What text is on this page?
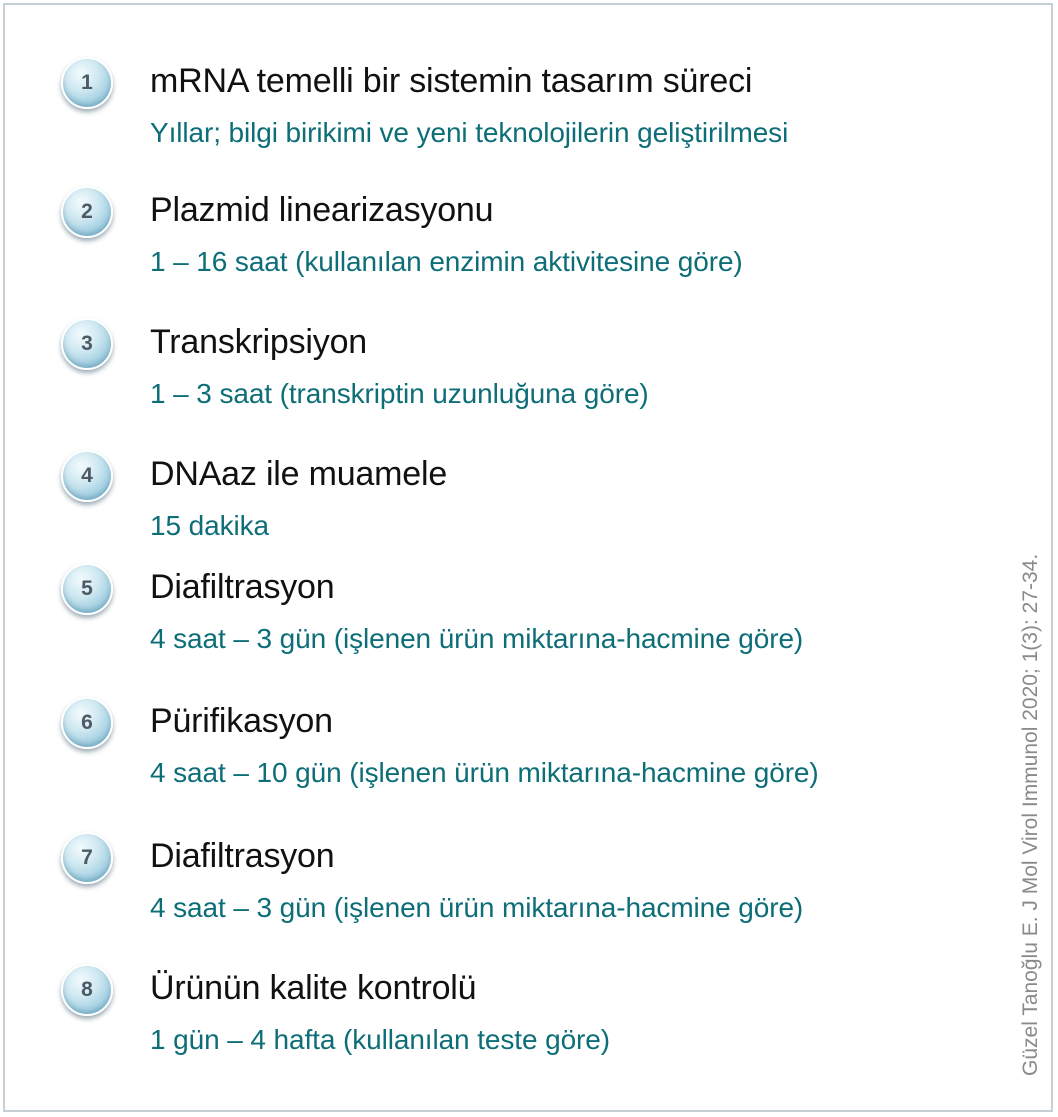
1	mRNA temelli bir sistemin tasarım süreci
Yıllar; bilgi birikimi ve yeni teknolojilerin geliştirilmesi
2	Plazmid linearizasyonu
1 – 16 saat (kullanılan enzimin aktivitesine göre)
3	Transkripsiyon
1 – 3 saat (transkriptin uzunluğuna göre)
4	DNAaz ile muamele
15 dakika
5	Diafiltrasyon
4 saat – 3 gün (işlenen ürün miktarına-hacmine göre)
6	Pürifikasyon
4 saat – 10 gün (işlenen ürün miktarına-hacmine göre)
7	Diafiltrasyon
4 saat – 3 gün (işlenen ürün miktarına-hacmine göre)
8	Ürünün kalite kontrolü
1 gün – 4 hafta (kullanılan teste göre)	Güzel Tanoğlu E. J Mol Virol Immunol 2020; 1(3): 27-34.
